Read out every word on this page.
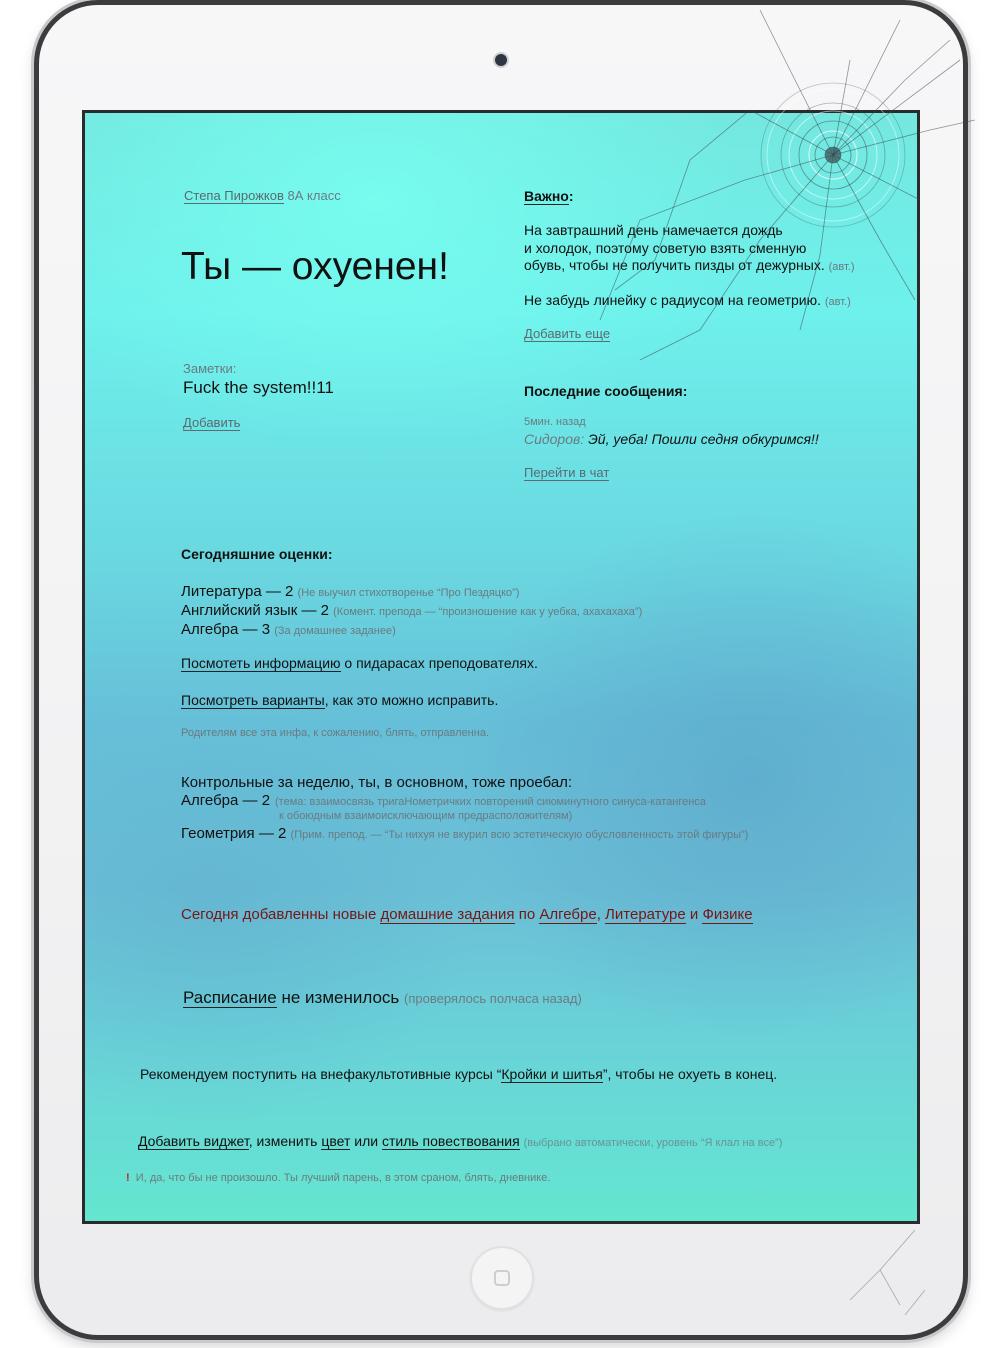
Степа Пирожков 8А класс
Ты — охуенен!
Заметки:
Fuck the system!!11
Добавить
Важно:
На завтрашний день намечается дождь
и холодок, поэтому советую взять сменную
обувь, чтобы не получить пизды от дежурных. (авт.)
Не забудь линейку с радиусом на геометрию. (авт.)
Добавить еще
Последние сообщения:
5мин. назад
Сидоров: Эй, уеба! Пошли седня обкуримся!!
Перейти в чат
Сегодняшние оценки:
Литература — 2 (Не выучил стихотворенье “Про Пездяцко”)
Английский язык — 2 (Комент. препода — “произношение как у уебка, ахахахаха”)
Алгебра — 3 (За домашнее заданее)
Посмотеть информацию о пидарасах преподователях.
Посмотреть варианты, как это можно исправить.
Родителям все эта инфа, к сожалению, блять, отправленна.
Контрольные за неделю, ты, в основном, тоже проебал:
Алгебра — 2 (тема: взаимосвязь тригаНометричких повторений сиюминутного синуса-катангенса
к обоюдным взаимоисключающим предрасположителям)
Геометрия — 2 (Прим. препод. — “Ты нихуя не вкурил всю эстетическую обусловленность этой фигуры”)
Сегодня добавленны новые домашние задания по Алгебре, Литературе и Физике
Расписание не изменилось (проверялось полчаса назад)
Рекомендуем поступить на внефакультотивные курсы “Кройки и шитья”, чтобы не охуеть в конец.
Добавить виджет, изменить цвет или стиль повествования (выбрано автоматически, уровень “Я клал на все”)
! И, да, что бы не произошло. Ты лучший парень, в этом сраном, блять, дневнике.
